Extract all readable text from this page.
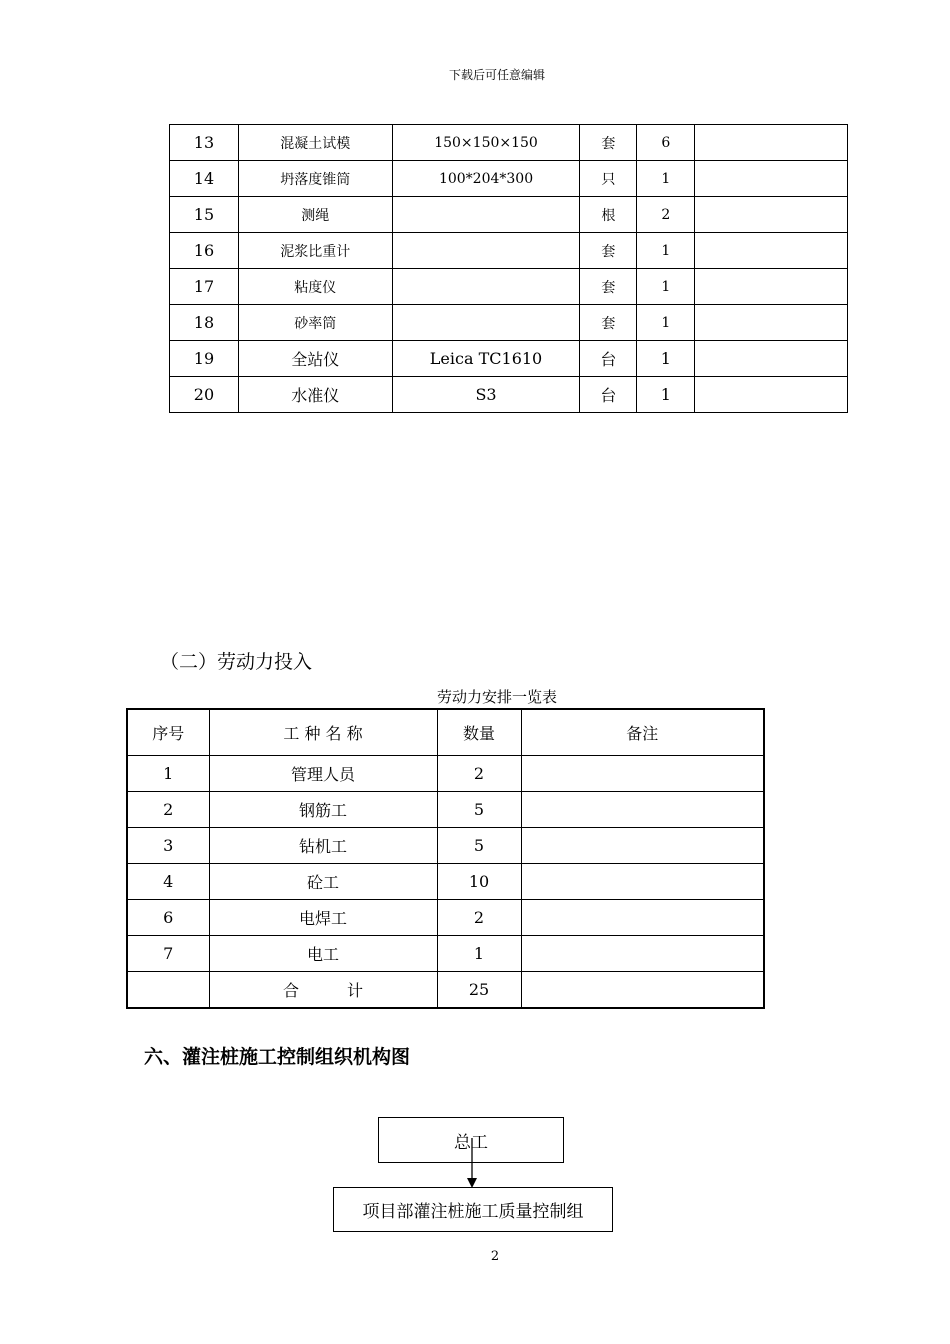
下载后可任意编辑
13	混凝土试模	150×150×150	套	6	
14	坍落度锥筒	100*204*300	只	1	
15	测绳		根	2	
16	泥浆比重计		套	1	
17	粘度仪		套	1	
18	砂率筒		套	1	
19	全站仪	Leica TC1610	台	1	
20	水准仪	S3	台	1	
（二）劳动力投入
劳动力安排一览表
序号	工 种 名 称	数量	备注
1	管理人员	2	
2	钢筋工	5	
3	钻机工	5	
4	砼工	10	
6	电焊工	2	
7	电工	1	
	合　　　计	25	
六、灌注桩施工控制组织机构图
总工
项目部灌注桩施工质量控制组
2
